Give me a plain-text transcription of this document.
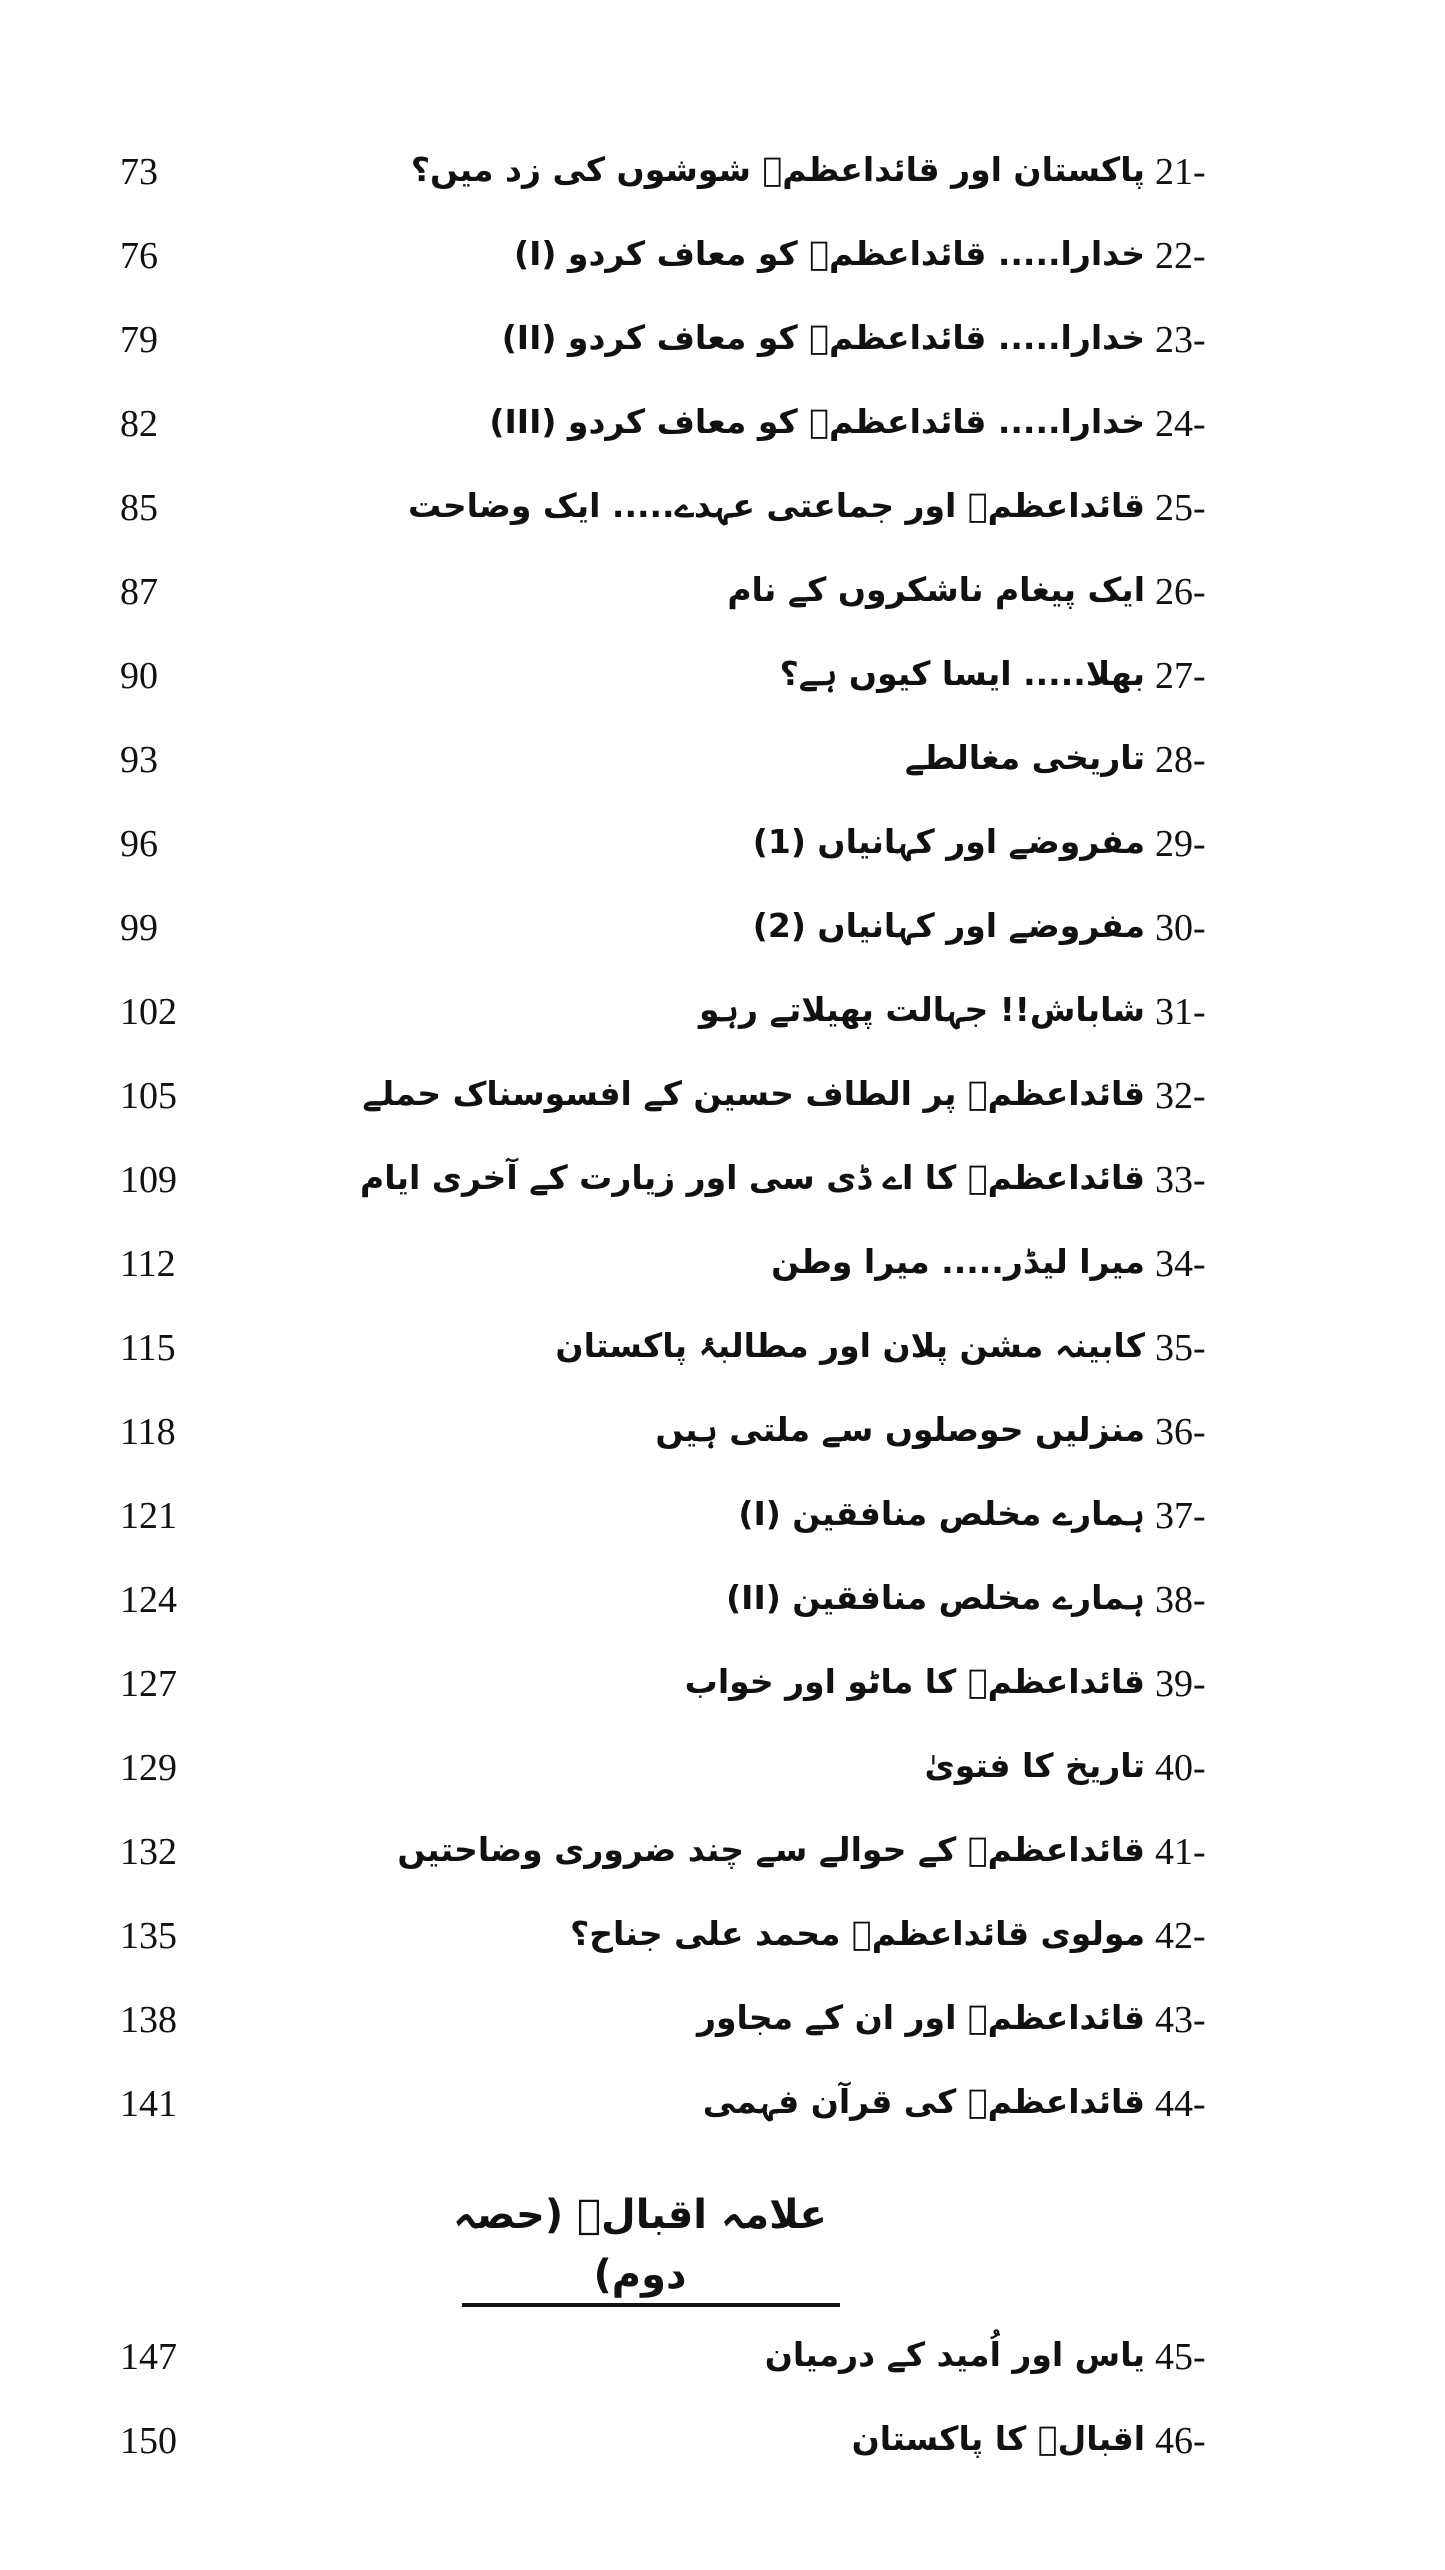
73	پاکستان اور قائداعظمؒ شوشوں کی زد میں؟ 21-
76	خدارا..... قائداعظمؒ کو معاف کردو (I) 22-
79	خدارا..... قائداعظمؒ کو معاف کردو (II) 23-
82	خدارا..... قائداعظمؒ کو معاف کردو (III) 24-
85	قائداعظمؒ اور جماعتی عہدے..... ایک وضاحت 25-
87	ایک پیغام ناشکروں کے نام 26-
90	بھلا..... ایسا کیوں ہے؟ 27-
93	تاریخی مغالطے 28-
96	مفروضے اور کہانیاں (1) 29-
99	مفروضے اور کہانیاں (2) 30-
102	شاباش!! جہالت پھیلاتے رہو 31-
105	قائداعظمؒ پر الطاف حسین کے افسوسناک حملے 32-
109	قائداعظمؒ کا اے ڈی سی اور زیارت کے آخری ایام 33-
112	میرا لیڈر..... میرا وطن 34-
115	کابینہ مشن پلان اور مطالبۂ پاکستان 35-
118	منزلیں حوصلوں سے ملتی ہیں 36-
121	ہمارے مخلص منافقین (I) 37-
124	ہمارے مخلص منافقین (II) 38-
127	قائداعظمؒ کا ماٹو اور خواب 39-
129	تاریخ کا فتویٰ 40-
132	قائداعظمؒ کے حوالے سے چند ضروری وضاحتیں 41-
135	مولوی قائداعظمؒ محمد علی جناح؟ 42-
138	قائداعظمؒ اور ان کے مجاور 43-
141	قائداعظمؒ کی قرآن فہمی 44-
علامہ اقبالؒ (حصہ دوم)
147	یاس اور اُمید کے درمیان 45-
150	اقبالؒ کا پاکستان 46-
